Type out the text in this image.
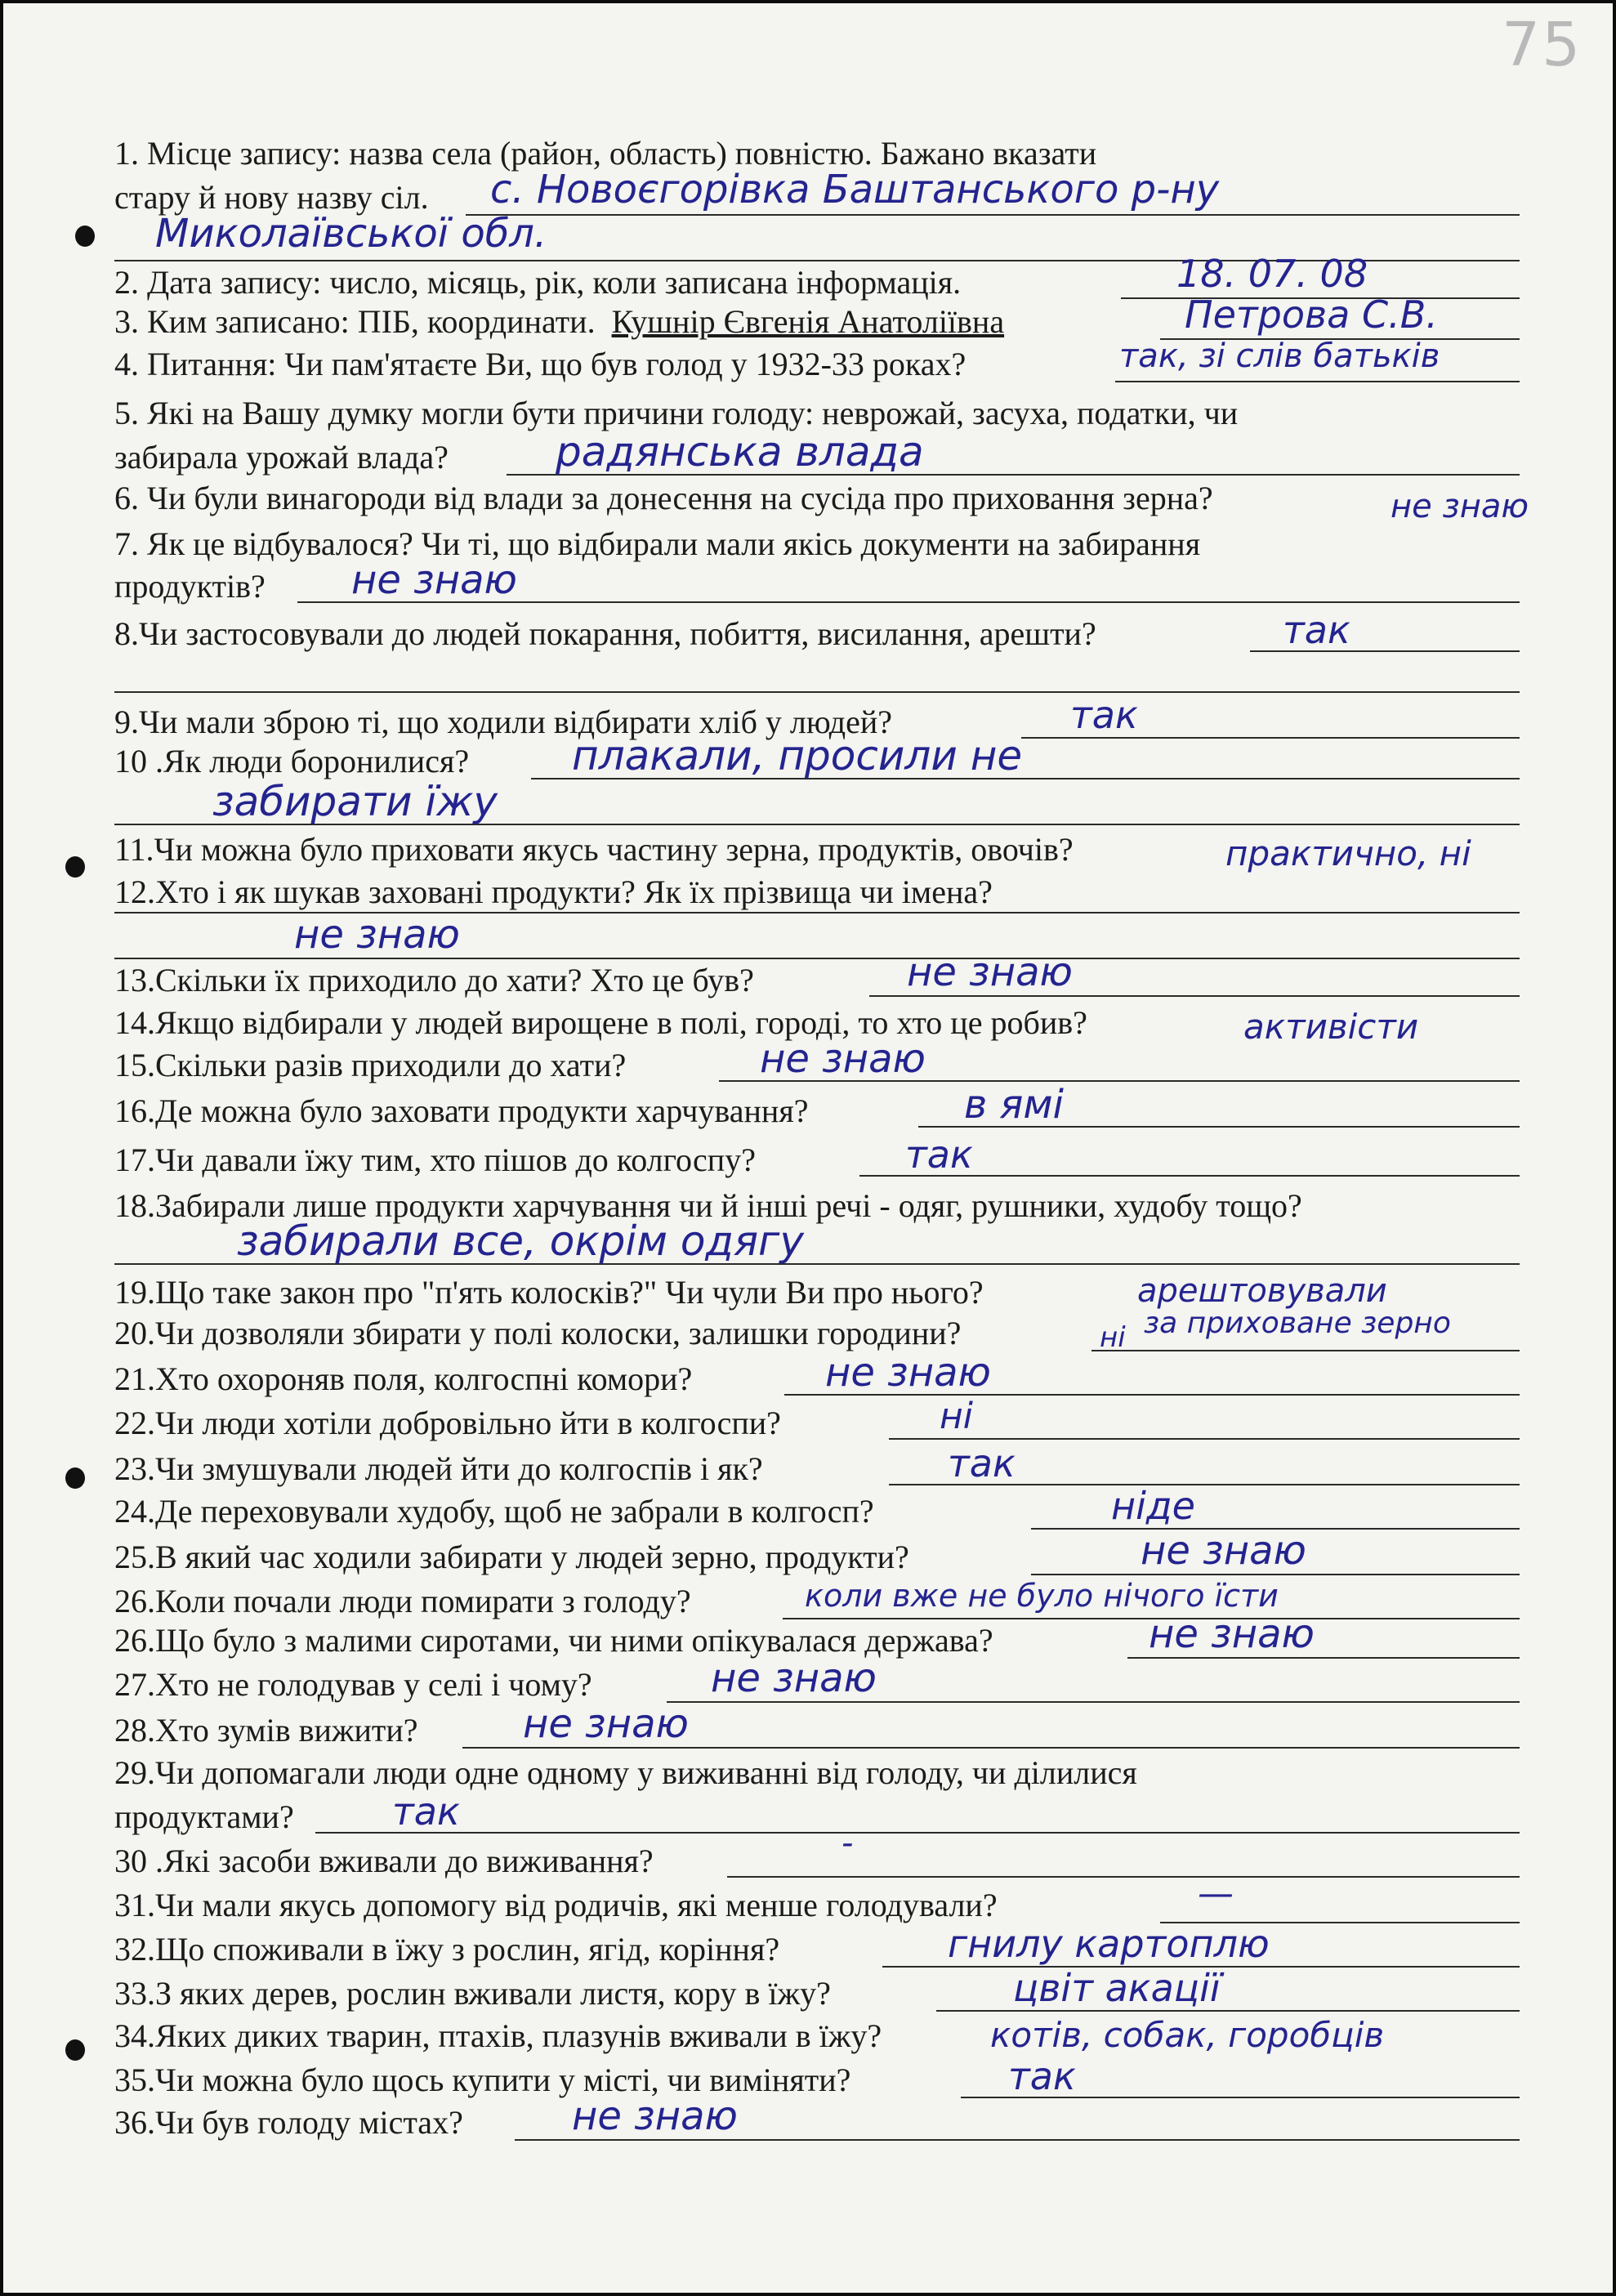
75
1. Місце запису: назва села (район, область) повністю. Бажано вказати
стару й нову назву сіл. с. Новоєгорівка Баштанського р-ну
Миколаївської обл.
2. Дата запису: число, місяць, рік, коли записана інформація.	18. 07. 08
3. Ким записано: ПІБ, координати. Кушнір Євгенія Анатоліївна	Петрова С.В.
4. Питання: Чи пам'ятаєте Ви, що був голод у 1932-33 роках?	так, зі слів батьків
5. Які на Вашу думку могли бути причини голоду: неврожай, засуха, податки, чи
забирала урожай влада?	радянська влада
6. Чи були винагороди від влади за донесення на сусіда про приховання зерна?	не знаю
7. Як це відбувалося? Чи ті, що відбирали мали якісь документи на забирання
продуктів? не знаю
8.Чи застосовували до людей покарання, побиття, висилання, арешти?	так
9.Чи мали зброю ті, що ходили відбирати хліб у людей?	так
10 .Як люди боронилися?	плакали, просили не
забирати їжу
11.Чи можна було приховати якусь частину зерна, продуктів, овочів?	практично, ні
12.Хто і як шукав заховані продукти? Як їх прізвища чи імена?
не знаю
13.Скільки їх приходило до хати? Хто це був?	не знаю
14.Якщо відбирали у людей вирощене в полі, городі, то хто це робив?	активісти
15.Скільки разів приходили до хати?	не знаю
16.Де можна було заховати продукти харчування?	в ямі
17.Чи давали їжу тим, хто пішов до колгоспу?	так
18.Забирали лише продукти харчування чи й інші речі - одяг, рушники, худобу тощо?
забирали все, окрім одягу
19.Що таке закон про "п'ять колосків?" Чи чули Ви про нього?	арештовували
20.Чи дозволяли збирати у полі колоски, залишки городини?	ні за приховане зерно
21.Хто охороняв поля, колгоспні комори?	не знаю
22.Чи люди хотіли добровільно йти в колгоспи?	ні
23.Чи змушували людей йти до колгоспів і як?	так
24.Де переховували худобу, щоб не забрали в колгосп?	ніде
25.В який час ходили забирати у людей зерно, продукти?	не знаю
26.Коли почали люди помирати з голоду?	коли вже не було нічого їсти
26.Що було з малими сиротами, чи ними опікувалася держава?	не знаю
27.Хто не голодував у селі і чому?	не знаю
28.Хто зумів вижити?	не знаю
29.Чи допомагали люди одне одному у виживанні від голоду, чи ділилися
продуктами?	так
30 .Які засоби вживали до виживання?	-
31.Чи мали якусь допомогу від родичів, які менше голодували?	—
32.Що споживали в їжу з рослин, ягід, коріння?	гнилу картоплю
33.З яких дерев, рослин вживали листя, кору в їжу?	цвіт акації
34.Яких диких тварин, птахів, плазунів вживали в їжу?	котів, собак, горобців
35.Чи можна було щось купити у місті, чи виміняти?	так
36.Чи був голоду містах?	не знаю
